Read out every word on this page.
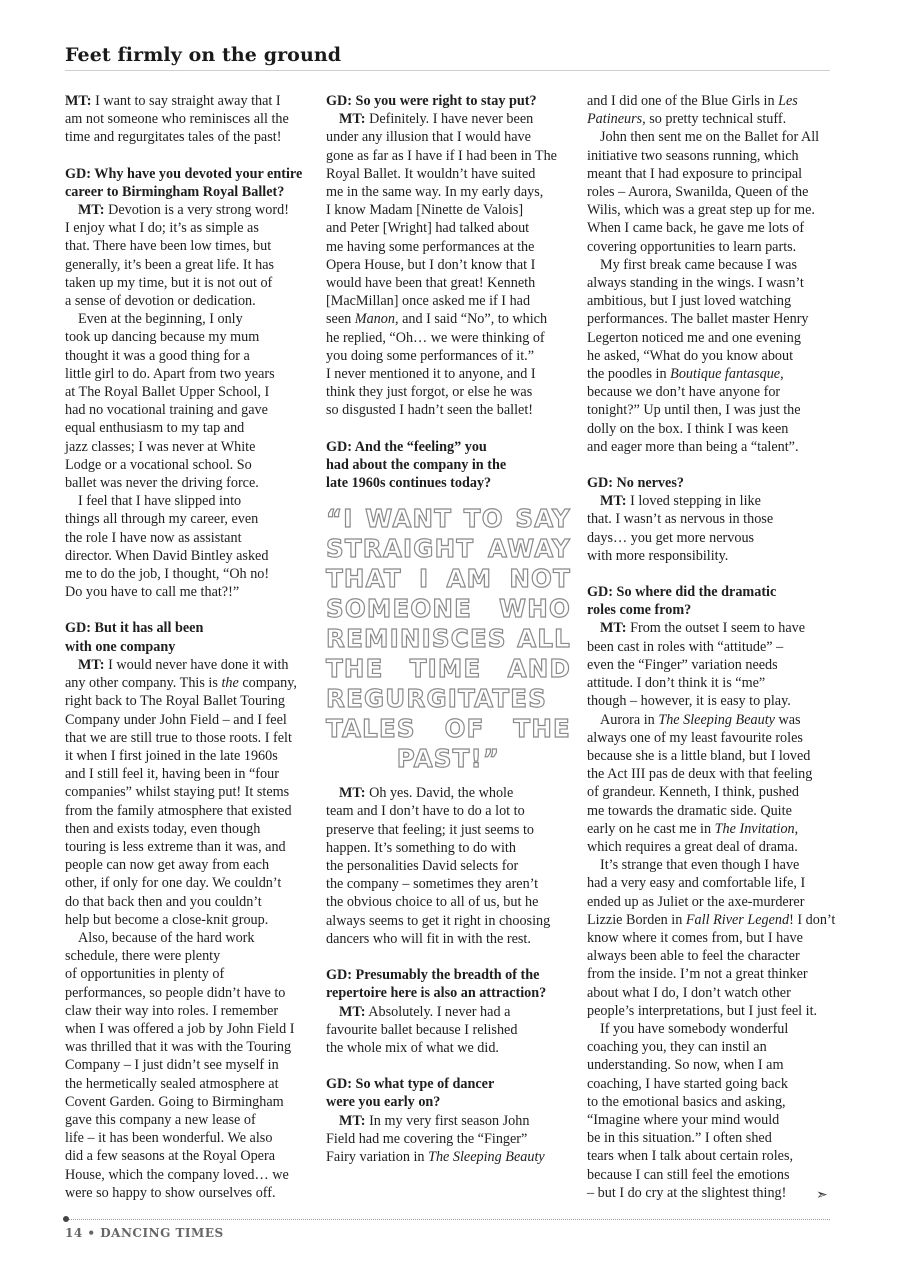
Feet firmly on the ground
MT: I want to say straight away that I
am not someone who reminisces all the
time and regurgitates tales of the past!
GD: Why have you devoted your entire
career to Birmingham Royal Ballet?
MT: Devotion is a very strong word!
I enjoy what I do; it’s as simple as
that. There have been low times, but
generally, it’s been a great life. It has
taken up my time, but it is not out of
a sense of devotion or dedication.
Even at the beginning, I only
took up dancing because my mum
thought it was a good thing for a
little girl to do. Apart from two years
at The Royal Ballet Upper School, I
had no vocational training and gave
equal enthusiasm to my tap and
jazz classes; I was never at White
Lodge or a vocational school. So
ballet was never the driving force.
I feel that I have slipped into
things all through my career, even
the role I have now as assistant
director. When David Bintley asked
me to do the job, I thought, “Oh no!
Do you have to call me that?!”
GD: But it has all been
with one company
MT: I would never have done it with
any other company. This is the company,
right back to The Royal Ballet Touring
Company under John Field – and I feel
that we are still true to those roots. I felt
it when I first joined in the late 1960s
and I still feel it, having been in “four
companies” whilst staying put! It stems
from the family atmosphere that existed
then and exists today, even though
touring is less extreme than it was, and
people can now get away from each
other, if only for one day. We couldn’t
do that back then and you couldn’t
help but become a close-knit group.
Also, because of the hard work
schedule, there were plenty
of opportunities in plenty of
performances, so people didn’t have to
claw their way into roles. I remember
when I was offered a job by John Field I
was thrilled that it was with the Touring
Company – I just didn’t see myself in
the hermetically sealed atmosphere at
Covent Garden. Going to Birmingham
gave this company a new lease of
life – it has been wonderful. We also
did a few seasons at the Royal Opera
House, which the company loved… we
were so happy to show ourselves off.
GD: So you were right to stay put?
MT: Definitely. I have never been
under any illusion that I would have
gone as far as I have if I had been in The
Royal Ballet. It wouldn’t have suited
me in the same way. In my early days,
I know Madam [Ninette de Valois]
and Peter [Wright] had talked about
me having some performances at the
Opera House, but I don’t know that I
would have been that great! Kenneth
[MacMillan] once asked me if I had
seen Manon, and I said “No”, to which
he replied, “Oh… we were thinking of
you doing some performances of it.”
I never mentioned it to anyone, and I
think they just forgot, or else he was
so disgusted I hadn’t seen the ballet!
GD: And the “feeling” you
had about the company in the
late 1960s continues today?
“I WANT TO SAY
STRAIGHT AWAY
THAT I AM NOT
SOMEONE WHO
REMINISCES ALL
THE TIME AND
REGURGITATES
TALES OF THE
PAST!”
MT: Oh yes. David, the whole
team and I don’t have to do a lot to
preserve that feeling; it just seems to
happen. It’s something to do with
the personalities David selects for
the company – sometimes they aren’t
the obvious choice to all of us, but he
always seems to get it right in choosing
dancers who will fit in with the rest.
GD: Presumably the breadth of the
repertoire here is also an attraction?
MT: Absolutely. I never had a
favourite ballet because I relished
the whole mix of what we did.
GD: So what type of dancer
were you early on?
MT: In my very first season John
Field had me covering the “Finger”
Fairy variation in The Sleeping Beauty
and I did one of the Blue Girls in Les
Patineurs, so pretty technical stuff.
John then sent me on the Ballet for All
initiative two seasons running, which
meant that I had exposure to principal
roles – Aurora, Swanilda, Queen of the
Wilis, which was a great step up for me.
When I came back, he gave me lots of
covering opportunities to learn parts.
My first break came because I was
always standing in the wings. I wasn’t
ambitious, but I just loved watching
performances. The ballet master Henry
Legerton noticed me and one evening
he asked, “What do you know about
the poodles in Boutique fantasque,
because we don’t have anyone for
tonight?” Up until then, I was just the
dolly on the box. I think I was keen
and eager more than being a “talent”.
GD: No nerves?
MT: I loved stepping in like
that. I wasn’t as nervous in those
days… you get more nervous
with more responsibility.
GD: So where did the dramatic
roles come from?
MT: From the outset I seem to have
been cast in roles with “attitude” –
even the “Finger” variation needs
attitude. I don’t think it is “me”
though – however, it is easy to play.
Aurora in The Sleeping Beauty was
always one of my least favourite roles
because she is a little bland, but I loved
the Act III pas de deux with that feeling
of grandeur. Kenneth, I think, pushed
me towards the dramatic side. Quite
early on he cast me in The Invitation,
which requires a great deal of drama.
It’s strange that even though I have
had a very easy and comfortable life, I
ended up as Juliet or the axe-murderer
Lizzie Borden in Fall River Legend! I don’t
know where it comes from, but I have
always been able to feel the character
from the inside. I’m not a great thinker
about what I do, I don’t watch other
people’s interpretations, but I just feel it.
If you have somebody wonderful
coaching you, they can instil an
understanding. So now, when I am
coaching, I have started going back
to the emotional basics and asking,
“Imagine where your mind would
be in this situation.” I often shed
tears when I talk about certain roles,
because I can still feel the emotions
– but I do cry at the slightest thing!	➣
14 • DANCING TIMES
